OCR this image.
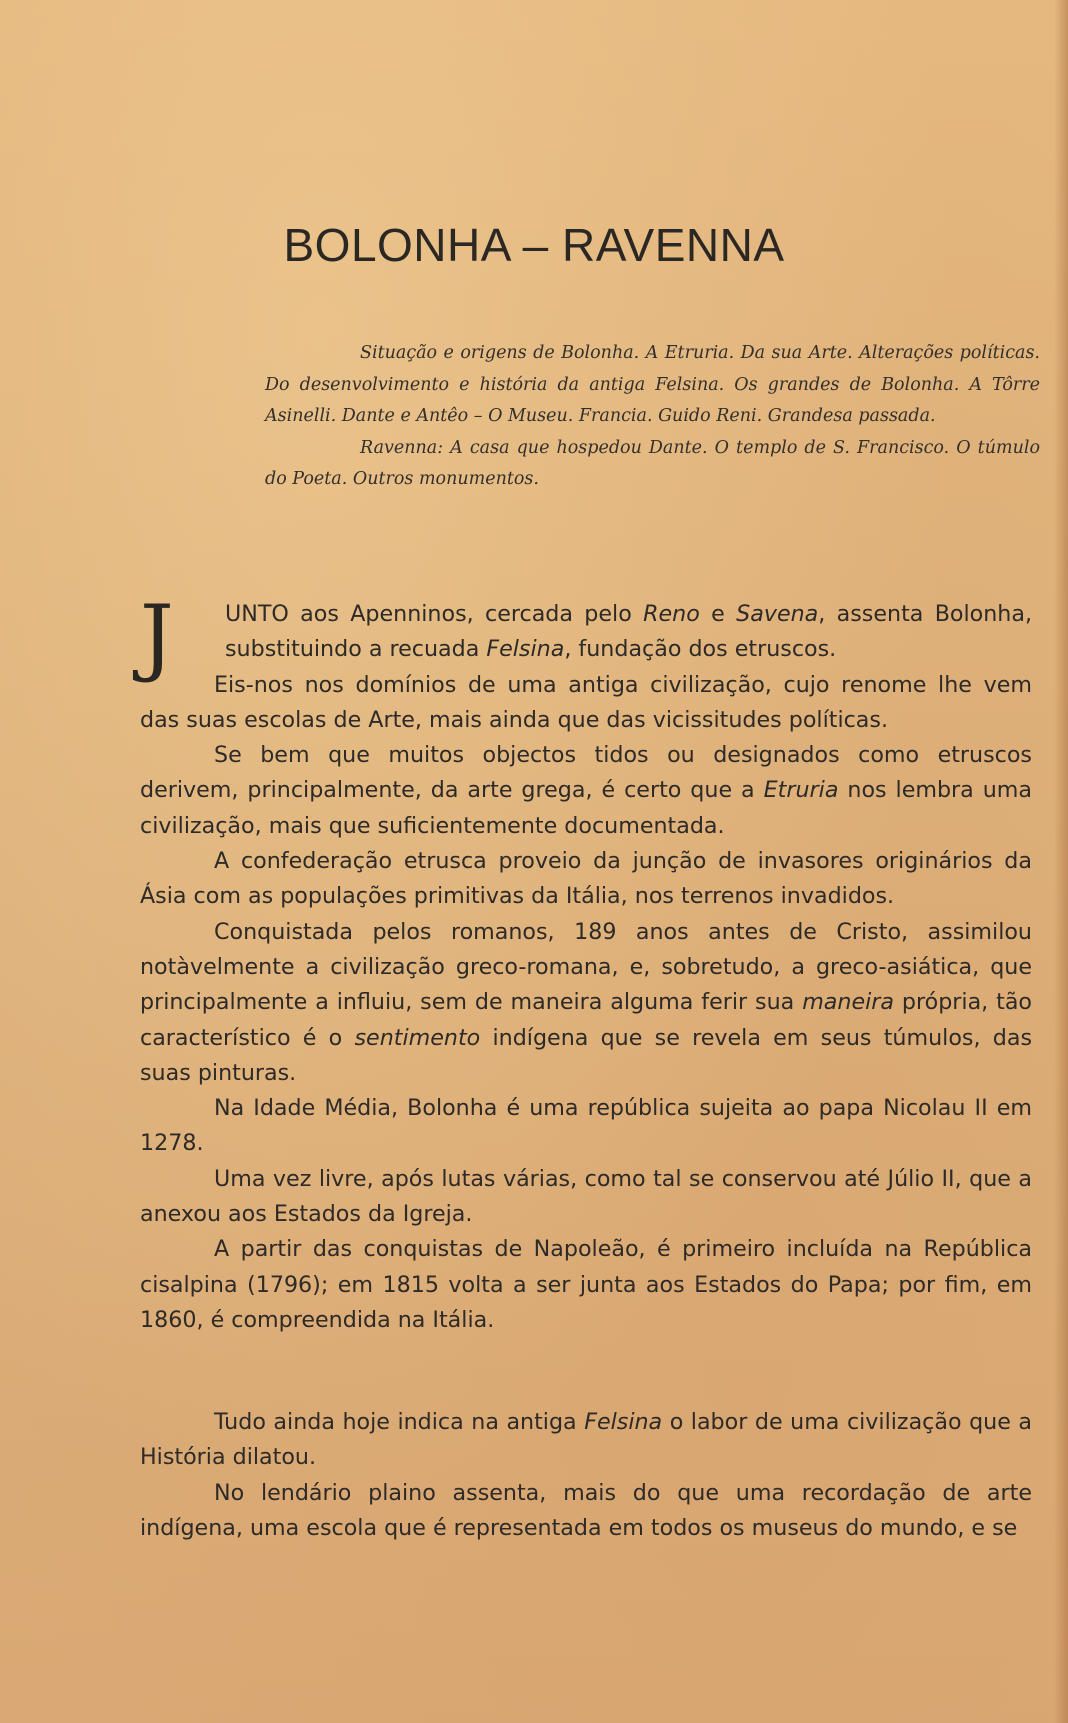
BOLONHA – RAVENNA

Situação e origens de Bolonha. A Etruria. Da sua Arte. Alterações políticas. Do desenvolvimento e história da antiga Felsina. Os grandes de Bolonha. A Tôrre Asinelli. Dante e Antêo – O Museu. Francia. Guido Reni. Grandesa passada.
Ravenna: A casa que hospedou Dante. O templo de S. Francisco. O túmulo do Poeta. Outros monumentos.

J UNTO aos Apenninos, cercada pelo Reno e Savena, assenta Bolonha, substituindo a recuada Felsina, fundação dos etruscos.

Eis-nos nos domínios de uma antiga civilização, cujo renome lhe vem das suas escolas de Arte, mais ainda que das vicissitudes políticas.

Se bem que muitos objectos tidos ou designados como etruscos derivem, principalmente, da arte grega, é certo que a Etruria nos lembra uma civilização, mais que suficientemente documentada.

A confederação etrusca proveio da junção de invasores originários da Ásia com as populações primitivas da Itália, nos terrenos invadidos.

Conquistada pelos romanos, 189 anos antes de Cristo, assimilou notàvelmente a civilização greco-romana, e, sobretudo, a greco-asiática, que principalmente a influiu, sem de maneira alguma ferir sua maneira própria, tão característico é o sentimento indígena que se revela em seus túmulos, das suas pinturas.

Na Idade Média, Bolonha é uma república sujeita ao papa Nicolau II em 1278.

Uma vez livre, após lutas várias, como tal se conservou até Júlio II, que a anexou aos Estados da Igreja.

A partir das conquistas de Napoleão, é primeiro incluída na República cisalpina (1796); em 1815 volta a ser junta aos Estados do Papa; por fim, em 1860, é compreendida na Itália.

Tudo ainda hoje indica na antiga Felsina o labor de uma civilização que a História dilatou.

No lendário plaino assenta, mais do que uma recordação de arte indígena, uma escola que é representada em todos os museus do mundo, e se
